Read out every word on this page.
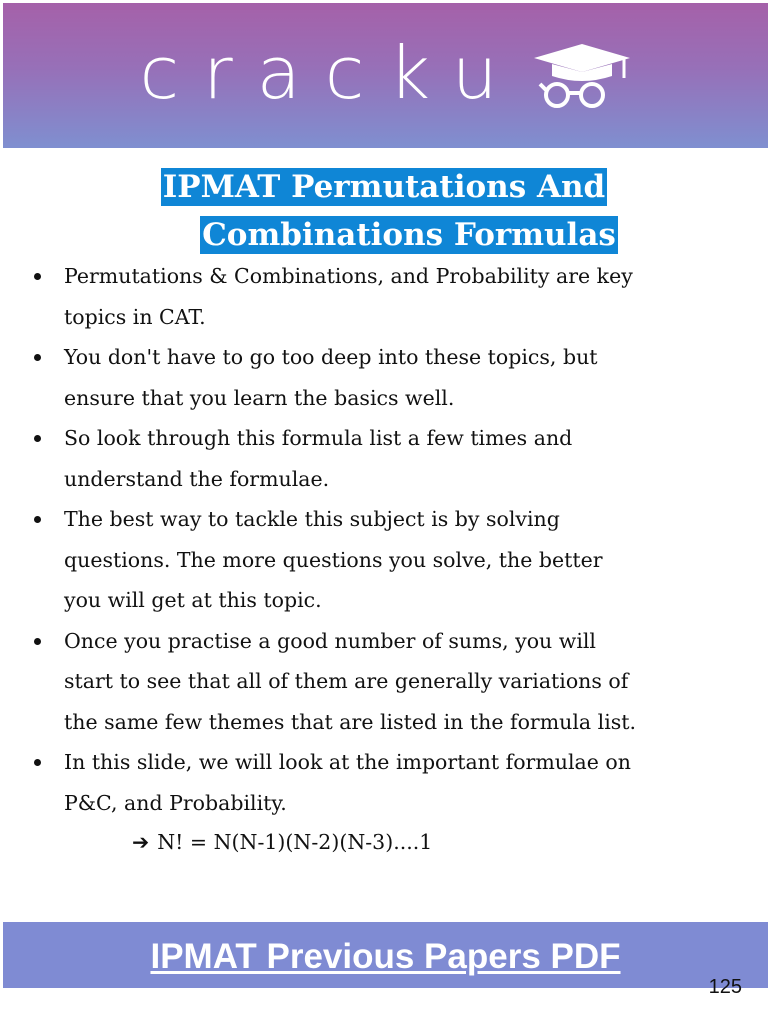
cracku
IPMAT Permutations And
Combinations Formulas
Permutations & Combinations, and Probability are key
topics in CAT.
You don't have to go too deep into these topics, but
ensure that you learn the basics well.
So look through this formula list a few times and
understand the formulae.
The best way to tackle this subject is by solving
questions. The more questions you solve, the better
you will get at this topic.
Once you practise a good number of sums, you will
start to see that all of them are generally variations of
the same few themes that are listed in the formula list.
In this slide, we will look at the important formulae on
P&C, and Probability.
➔ N! = N(N-1)(N-2)(N-3)....1
IPMAT Previous Papers PDF
125
